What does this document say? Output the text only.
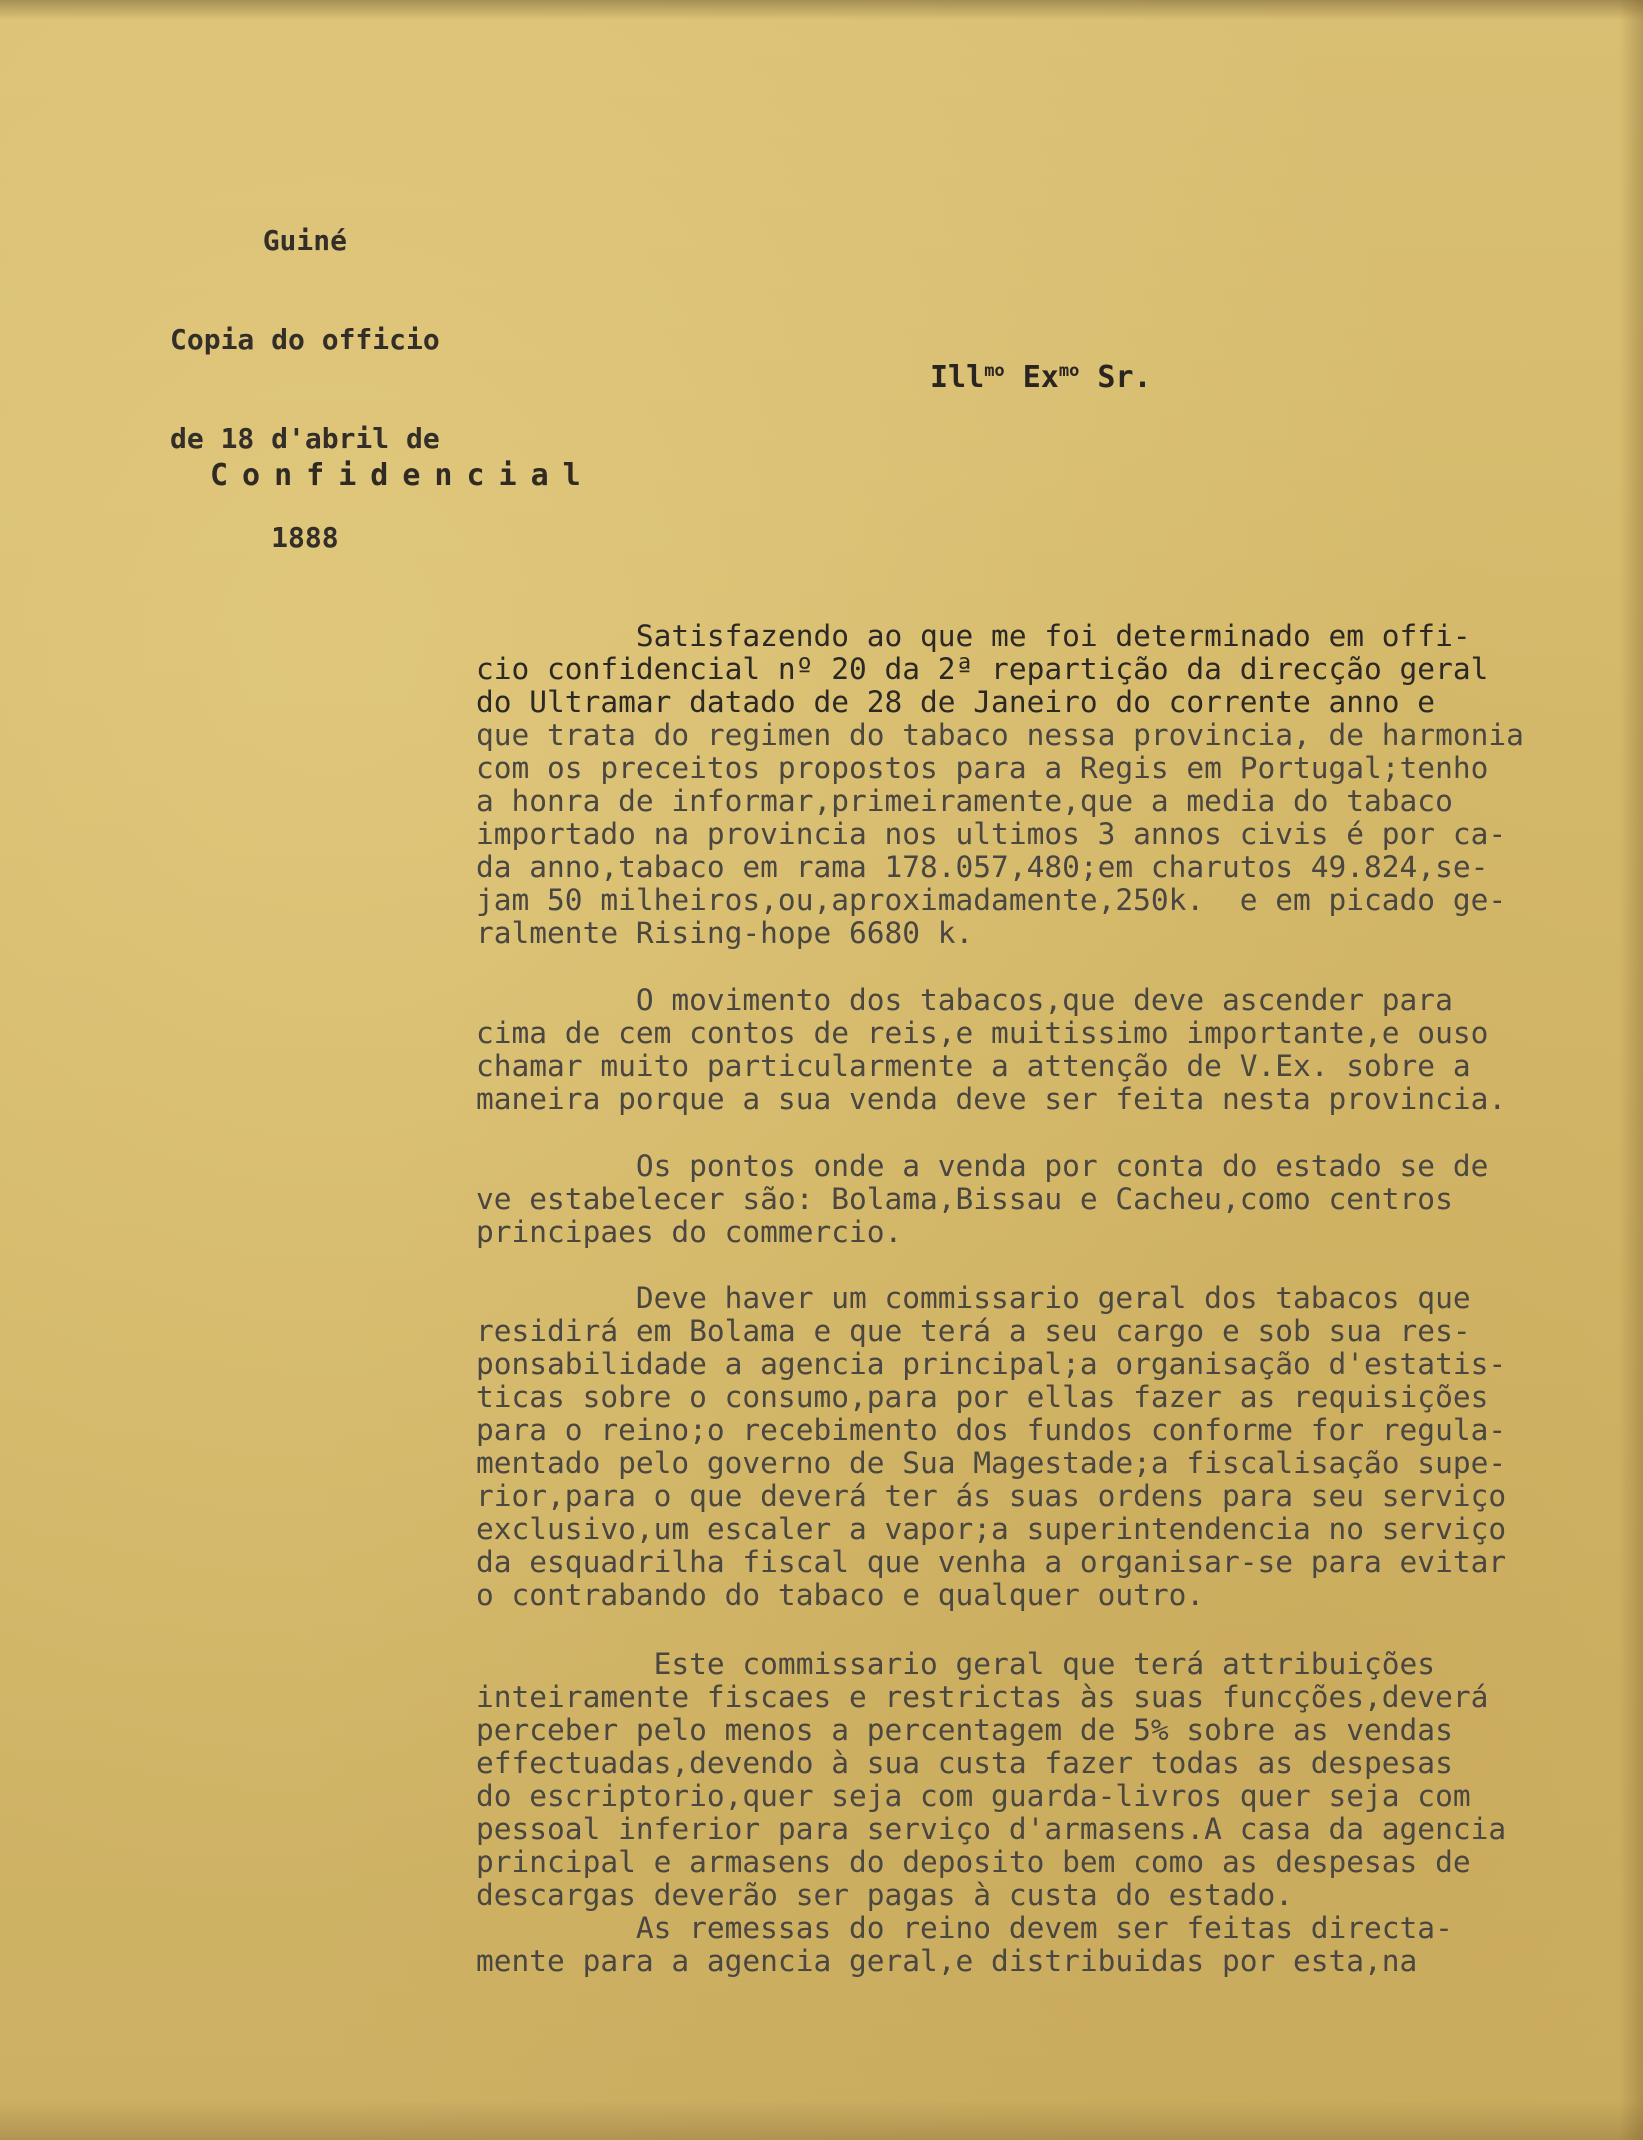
Guiné

Copia do officio

de 18 d'abril de

1888

Ill$^{mo}$ $Ex^{mo}$ Sr.
Confidencial
Satisfazendo ao que me foi determinado em offi-
cio confidencial nº 20 da 2ª repartição da direcção geral
do Ultramar datado de 28 de Janeiro do corrente anno e
que trata do regimen do tabaco nessa provincia, de harmonia
com os preceitos propostos para a Regis em Portugal;tenho
a honra de informar,primeiramente,que a media do tabaco
importado na provincia nos ultimos 3 annos civis é por ca-
da anno,tabaco em rama 178.057,480;em charutos 49.824,se-
jam 50 milheiros,ou,aproximadamente,250k.  e em picado ge-
ralmente Rising-hope 6680 k.
O movimento dos tabacos,que deve ascender para
cima de cem contos de reis,e muitissimo importante,e ouso
chamar muito particularmente a attenção de V.Ex. sobre a
maneira porque a sua venda deve ser feita nesta provincia.
Os pontos onde a venda por conta do estado se de
ve estabelecer são: Bolama,Bissau e Cacheu,como centros
principaes do commercio.
Deve haver um commissario geral dos tabacos que
residirá em Bolama e que terá a seu cargo e sob sua res-
ponsabilidade a agencia principal;a organisação d'estatis-
ticas sobre o consumo,para por ellas fazer as requisições
para o reino;o recebimento dos fundos conforme for regula-
mentado pelo governo de Sua Magestade;a fiscalisação supe-
rior,para o que deverá ter ás suas ordens para seu serviço
exclusivo,um escaler a vapor;a superintendencia no serviço
da esquadrilha fiscal que venha a organisar-se para evitar
o contrabando do tabaco e qualquer outro.
Este commissario geral que terá attribuições
inteiramente fiscaes e restrictas às suas funcções,deverá
perceber pelo menos a percentagem de 5% sobre as vendas
effectuadas,devendo à sua custa fazer todas as despesas
do escriptorio,quer seja com guarda-livros quer seja com
pessoal inferior para serviço d'armasens.A casa da agencia
principal e armasens do deposito bem como as despesas de
descargas deverão ser pagas à custa do estado.
As remessas do reino devem ser feitas directa-
mente para a agencia geral,e distribuidas por esta,na
